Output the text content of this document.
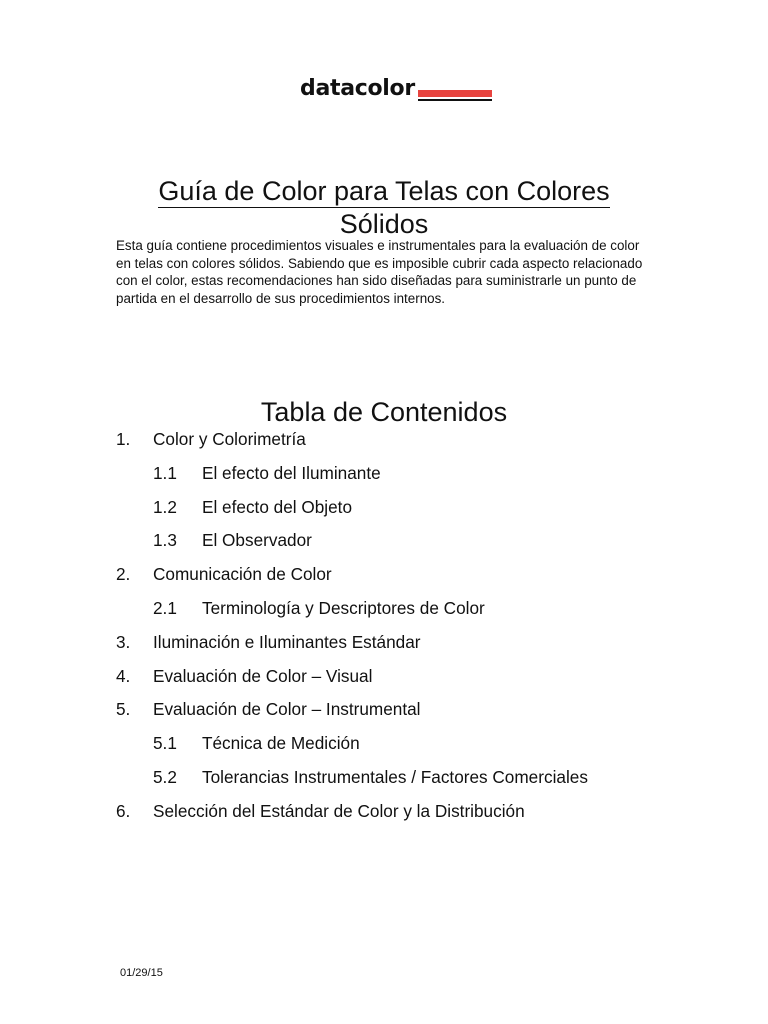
datacolor
Guía de Color para Telas con Colores
Sólidos

Esta guía contiene procedimientos visuales e instrumentales para la evaluación de color en telas con colores sólidos. Sabiendo que es imposible cubrir cada aspecto relacionado con el color, estas recomendaciones han sido diseñadas para suministrarle un punto de partida en el desarrollo de sus procedimientos internos.

Tabla de Contenidos
1. Color y Colorimetría
1.1 El efecto del Iluminante
1.2 El efecto del Objeto
1.3 El Observador
2. Comunicación de Color
2.1 Terminología y Descriptores de Color
3. Iluminación e Iluminantes Estándar
4. Evaluación de Color – Visual
5. Evaluación de Color – Instrumental
5.1 Técnica de Medición
5.2 Tolerancias Instrumentales / Factores Comerciales
6. Selección del Estándar de Color y la Distribución
01/29/15
